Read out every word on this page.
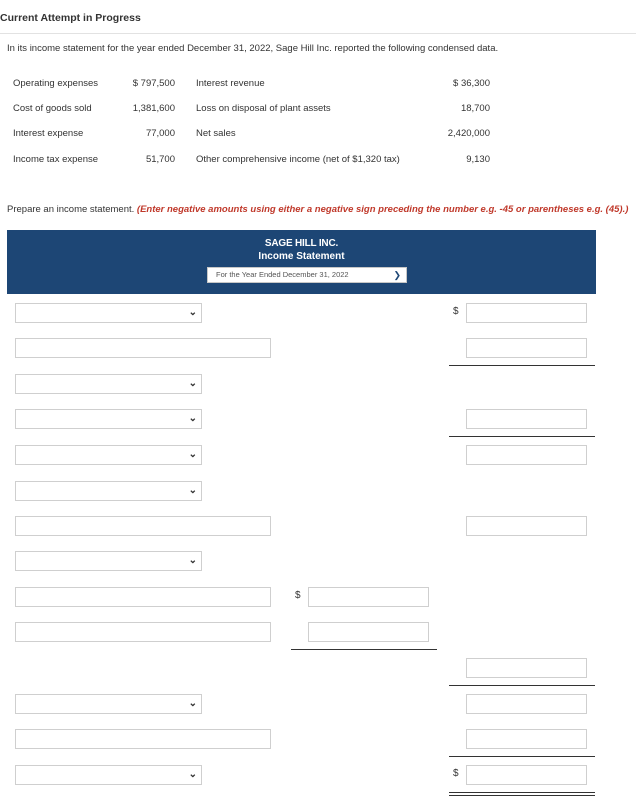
Current Attempt in Progress
In its income statement for the year ended December 31, 2022, Sage Hill Inc. reported the following condensed data.
Operating expenses	$ 797,500 Interest revenue	$ 36,300
Cost of goods sold	1,381,600 Loss on disposal of plant assets	18,700
Interest expense	77,000 Net sales	2,420,000
Income tax expense	51,700 Other comprehensive income (net of $1,320 tax)	9,130
Prepare an income statement. (Enter negative amounts using either a negative sign preceding the number e.g. -45 or parentheses e.g. (45).)
SAGE HILL INC.
Income Statement
For the Year Ended December 31, 2022	❯
⌄	$
⌄
⌄
⌄
⌄
⌄
$
⌄
⌄	$
